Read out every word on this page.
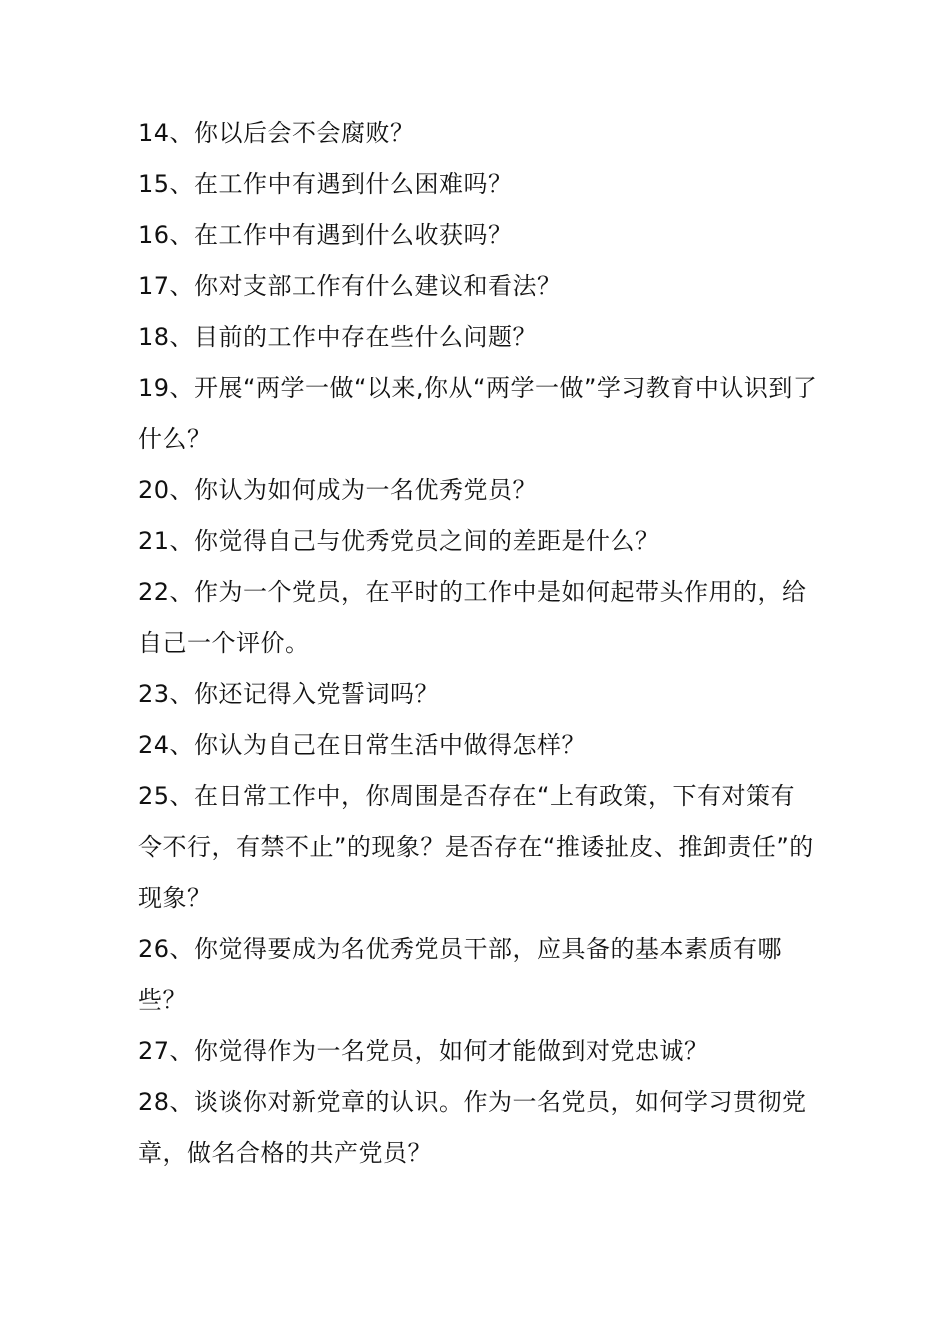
14、你以后会不会腐败？

15、在工作中有遇到什么困难吗？

16、在工作中有遇到什么收获吗？

17、你对支部工作有什么建议和看法？

18、目前的工作中存在些什么问题？

19、开展“两学一做“以来,你从“两学一做”学习教育中认识到了什么？

20、你认为如何成为一名优秀党员？

21、你觉得自己与优秀党员之间的差距是什么？

22、作为一个党员，在平时的工作中是如何起带头作用的，给自己一个评价。

23、你还记得入党誓词吗？

24、你认为自己在日常生活中做得怎样？

25、在日常工作中，你周围是否存在“上有政策，下有对策有令不行，有禁不止”的现象？是否存在“推诿扯皮、推卸责任”的现象？

26、你觉得要成为名优秀党员干部，应具备的基本素质有哪些？

27、你觉得作为一名党员，如何才能做到对党忠诚？

28、谈谈你对新党章的认识。作为一名党员，如何学习贯彻党章，做名合格的共产党员？
